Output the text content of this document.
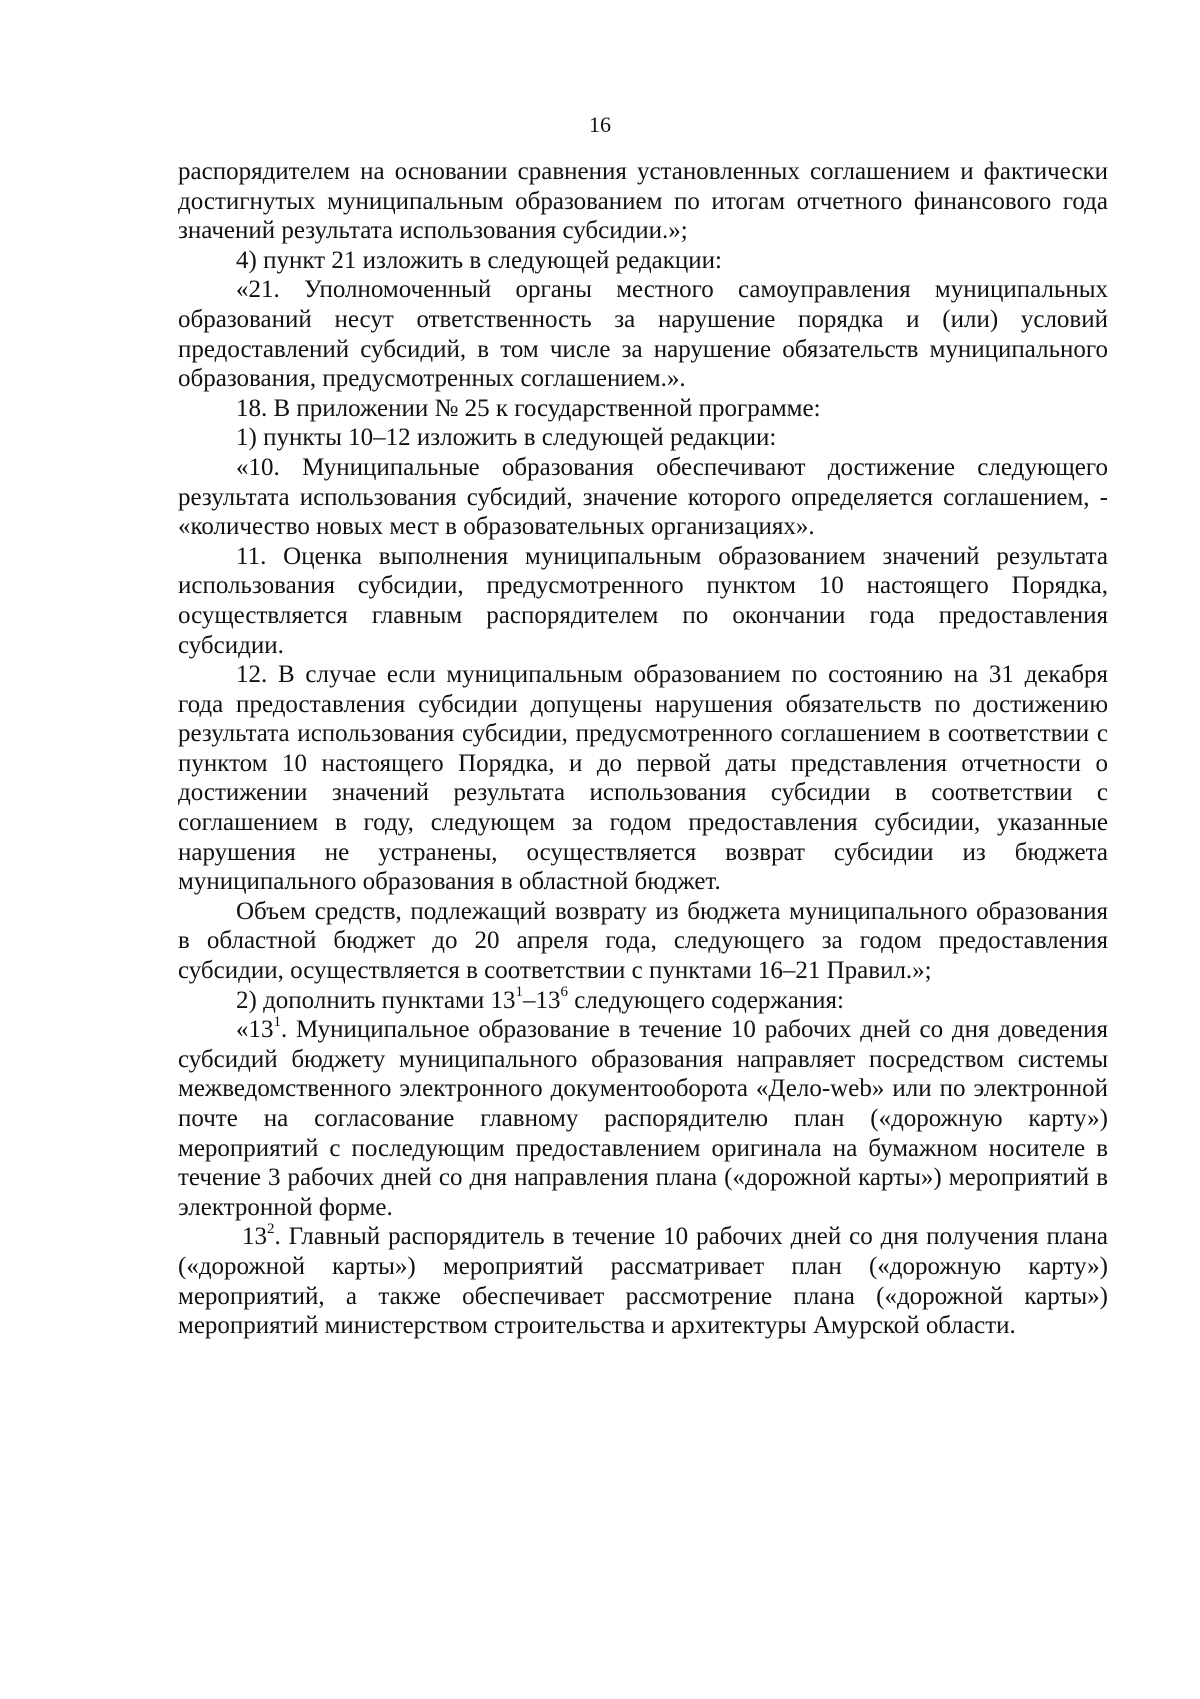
16

распорядителем на основании сравнения установленных соглашением и фактически достигнутых муниципальным образованием по итогам отчетного финансового года значений результата использования субсидии.»;

4) пункт 21 изложить в следующей редакции:

«21. Уполномоченный органы местного самоуправления муниципальных образований несут ответственность за нарушение порядка и (или) условий предоставлений субсидий, в том числе за нарушение обязательств муниципального образования, предусмотренных соглашением.».

18. В приложении № 25 к государственной программе:

1) пункты 10–12 изложить в следующей редакции:

«10. Муниципальные образования обеспечивают достижение следующего результата использования субсидий, значение которого определяется соглашением, - «количество новых мест в образовательных организациях».

11. Оценка выполнения муниципальным образованием значений результата использования субсидии, предусмотренного пунктом 10 настоящего Порядка, осуществляется главным распорядителем по окончании года предоставления субсидии.

12. В случае если муниципальным образованием по состоянию на 31 декабря года предоставления субсидии допущены нарушения обязательств по достижению результата использования субсидии, предусмотренного соглашением в соответствии с пунктом 10 настоящего Порядка, и до первой даты представления отчетности о достижении значений результата использования субсидии в соответствии с соглашением в году, следующем за годом предоставления субсидии, указанные нарушения не устранены, осуществляется возврат субсидии из бюджета муниципального образования в областной бюджет.

Объем средств, подлежащий возврату из бюджета муниципального образования в областной бюджет до 20 апреля года, следующего за годом предоставления субсидии, осуществляется в соответствии с пунктами 16–21 Правил.»;

2) дополнить пунктами $13^1-13^6$ следующего содержания:

«$13^1$. Муниципальное образование в течение 10 рабочих дней со дня доведения субсидий бюджету муниципального образования направляет посредством системы межведомственного электронного документооборота «Дело-web» или по электронной почте на согласование главному распорядителю план («дорожную карту») мероприятий с последующим предоставлением оригинала на бумажном носителе в течение 3 рабочих дней со дня направления плана («дорожной карты») мероприятий в электронной форме.

$13^2$. Главный распорядитель в течение 10 рабочих дней со дня получения плана («дорожной карты») мероприятий рассматривает план («дорожную карту») мероприятий, а также обеспечивает рассмотрение плана («дорожной карты») мероприятий министерством строительства и архитектуры Амурской области.
